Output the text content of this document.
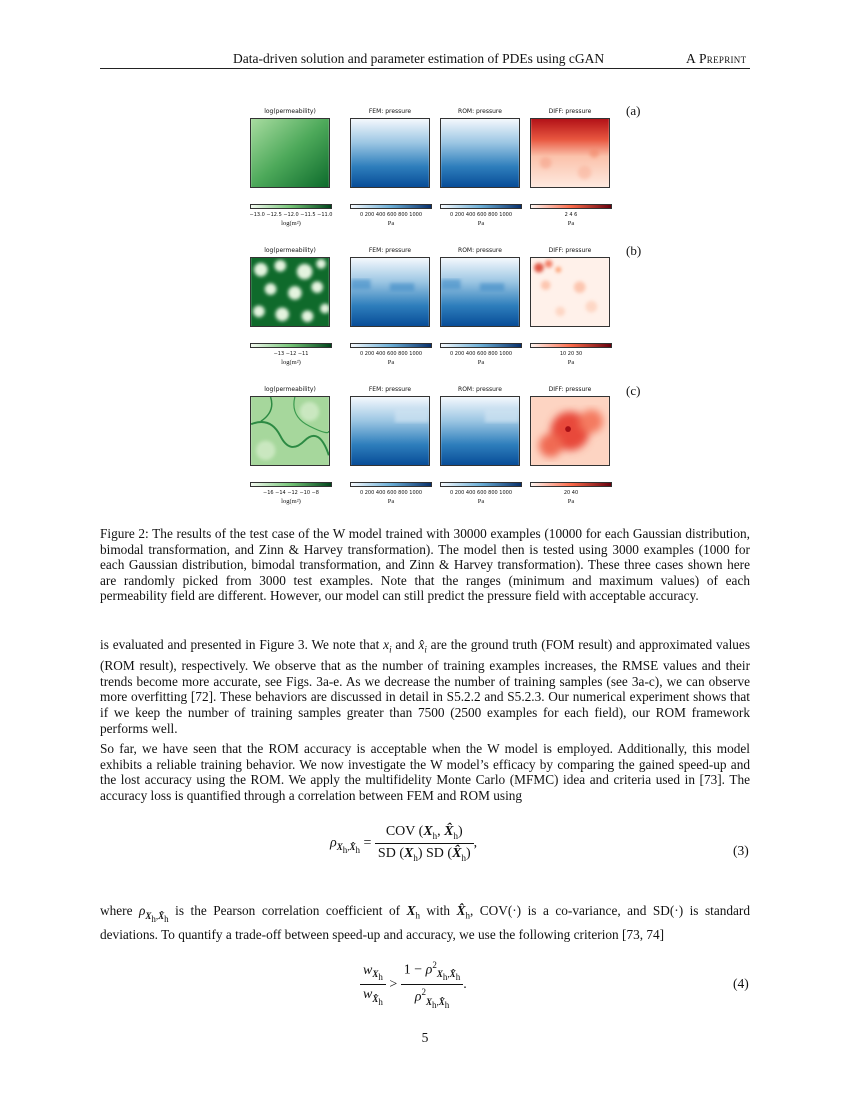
Data-driven solution and parameter estimation of PDEs using cGAN	A Preprint
log(permeability)
−13.0 −12.5 −12.0 −11.5 −11.0
log(m²)
FEM: pressure
0 200 400 600 800 1000
Pa
ROM: pressure
0 200 400 600 800 1000
Pa
DIFF: pressure
2 4 6
Pa
(a)
log(permeability)
−13 −12 −11
log(m²)
FEM: pressure
0 200 400 600 800 1000
Pa
ROM: pressure
0 200 400 600 800 1000
Pa
DIFF: pressure
10 20 30
Pa
(b)
log(permeability)
−16 −14 −12 −10 −8
log(m²)
FEM: pressure
0 200 400 600 800 1000
Pa
ROM: pressure
0 200 400 600 800 1000
Pa
DIFF: pressure
20 40
Pa
(c)
Figure 2: The results of the test case of the W model trained with 30000 examples (10000 for each Gaussian distribution, bimodal transformation, and Zinn & Harvey transformation). The model then is tested using 3000 examples (1000 for each Gaussian distribution, bimodal transformation, and Zinn & Harvey transformation). These three cases shown here are randomly picked from 3000 test examples. Note that the ranges (minimum and maximum values) of each permeability field are different. However, our model can still predict the pressure field with acceptable accuracy.
is evaluated and presented in Figure 3. We note that $x_i$ and $x̂_i$ are the ground truth (FOM result) and approximated values (ROM result), respectively. We observe that as the number of training examples increases, the RMSE values and their trends become more accurate, see Figs. 3a-e. As we decrease the number of training samples (see 3a-c), we can observe more overfitting [72]. These behaviors are discussed in detail in S5.2.2 and S5.2.3. Our numerical experiment shows that if we keep the number of training samples greater than 7500 (2500 examples for each field), our ROM framework performs well.
So far, we have seen that the ROM accuracy is acceptable when the W model is employed. Additionally, this model exhibits a reliable training behavior. We now investigate the W model’s efficacy by comparing the gained speed-up and the lost accuracy using the ROM. We apply the multifidelity Monte Carlo (MFMC) idea and criteria used in [73]. The accuracy loss is quantified through a correlation between FEM and ROM using
$\rho_{X_h,X̂_h} = \frac{COV (X_h, X̂_h)}{SD (X_h) SD (X̂_h)}$ ,	(3)
where $\rho_{X_h,X̂_h}$ is the Pearson correlation coefficient of $X_h$ with $X̂_h$, COV(·) is a co-variance, and SD(·) is standard deviations. To quantify a trade-off between speed-up and accuracy, we use the following criterion [73, 74]
$\frac{w_{X_h}}{w_{X̂_h}} > \frac{1 - \rho^2_{X_h,X̂_h}}{\rho^2_{X_h,X̂_h}}$ .	(4)
5
